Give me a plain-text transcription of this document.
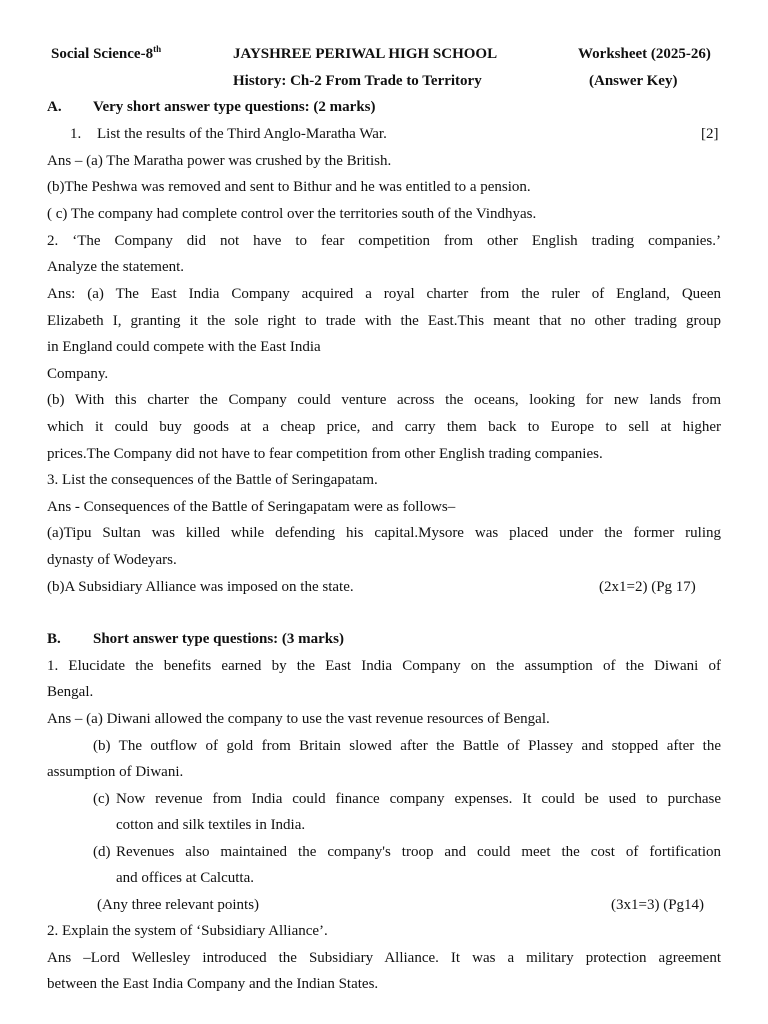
Social Science-8th	JAYSHREE PERIWAL HIGH SCHOOL	Worksheet (2025-26)
History: Ch-2 From Trade to Territory	(Answer Key)
A. Very short answer type questions: (2 marks)
1. List the results of the Third Anglo-Maratha War.	[2]
Ans – (a) The Maratha power was crushed by the British.
(b)The Peshwa was removed and sent to Bithur and he was entitled to a pension.
( c) The company had complete control over the territories south of the Vindhyas.
2. ‘The Company did not have to fear competition from other English trading companies.’
Analyze the statement.
Ans: (a) The East India Company acquired a royal charter from the ruler of England, Queen
Elizabeth I, granting it the sole right to trade with the East.This meant that no other trading group
in England could compete with the East India
Company.
(b) With this charter the Company could venture across the oceans, looking for new lands from
which it could buy goods at a cheap price, and carry them back to Europe to sell at higher
prices.The Company did not have to fear competition from other English trading companies.
3. List the consequences of the Battle of Seringapatam.
Ans - Consequences of the Battle of Seringapatam were as follows–
(a)Tipu Sultan was killed while defending his capital.Mysore was placed under the former ruling
dynasty of Wodeyars.
(b)A Subsidiary Alliance was imposed on the state.	(2x1=2) (Pg 17)
B. Short answer type questions: (3 marks)
1. Elucidate the benefits earned by the East India Company on the assumption of the Diwani of
Bengal.
Ans – (a) Diwani allowed the company to use the vast revenue resources of Bengal.
(b) The outflow of gold from Britain slowed after the Battle of Plassey and stopped after the
assumption of Diwani.
(c) Now revenue from India could finance company expenses. It could be used to purchase
cotton and silk textiles in India.
(d) Revenues also maintained the company's troop and could meet the cost of fortification
and offices at Calcutta.
(Any three relevant points)	(3x1=3) (Pg14)
2. Explain the system of ‘Subsidiary Alliance’.
Ans –Lord Wellesley introduced the Subsidiary Alliance. It was a military protection agreement
between the East India Company and the Indian States.
